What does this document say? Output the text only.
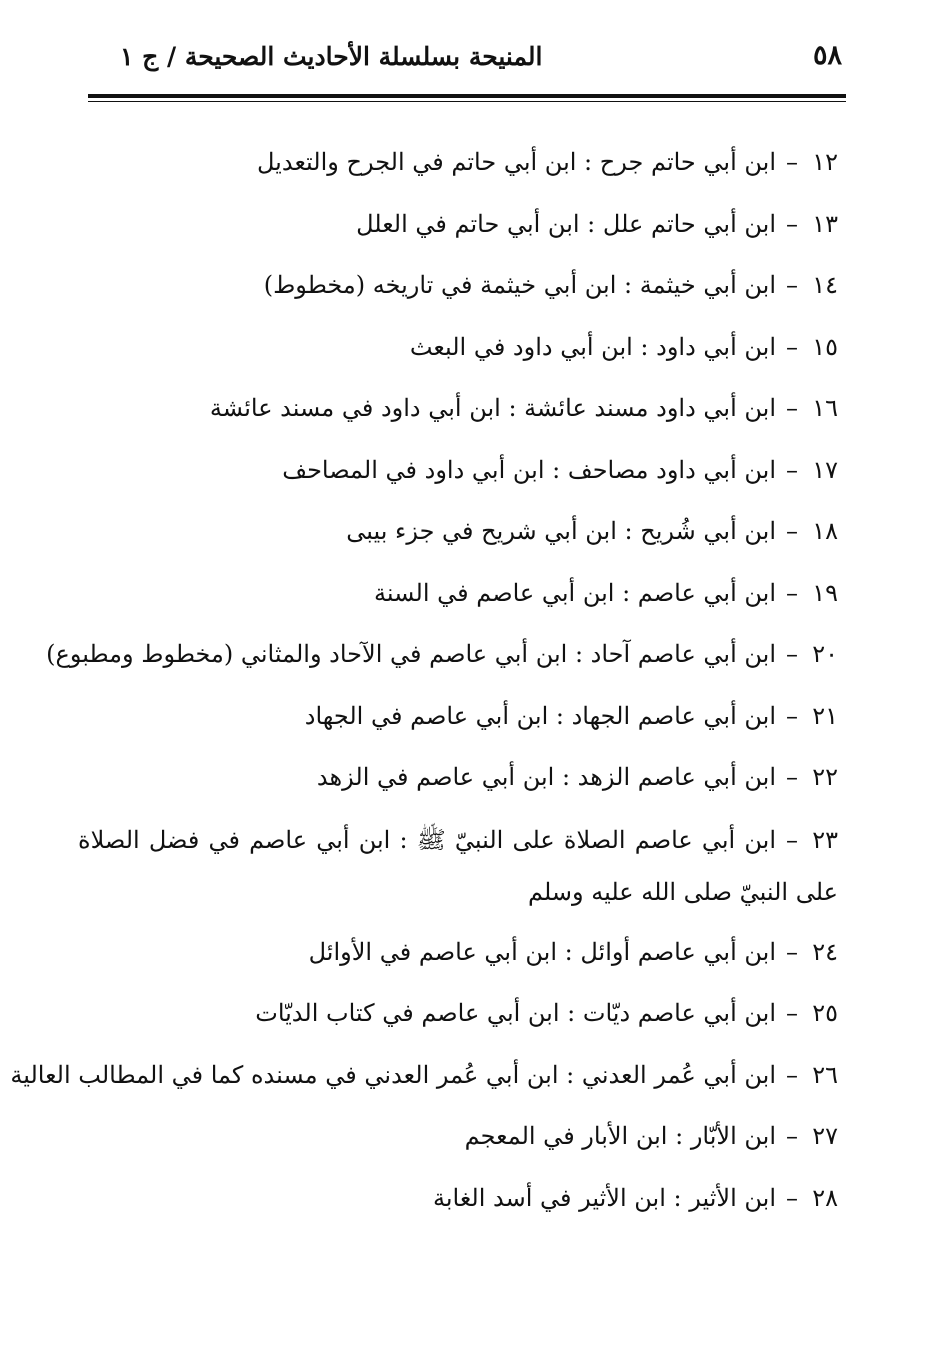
٥٨
المنيحة بسلسلة الأحاديث الصحيحة / ج ١
١٢–ابن أبي حاتم جرح : ابن أبي حاتم في الجرح والتعديل
١٣–ابن أبي حاتم علل : ابن أبي حاتم في العلل
١٤–ابن أبي خيثمة : ابن أبي خيثمة في تاريخه (مخطوط)
١٥–ابن أبي داود : ابن أبي داود في البعث
١٦–ابن أبي داود مسند عائشة : ابن أبي داود في مسند عائشة
١٧–ابن أبي داود مصاحف : ابن أبي داود في المصاحف
١٨–ابن أبي شُريح : ابن أبي شريح في جزء بيبى
١٩–ابن أبي عاصم : ابن أبي عاصم في السنة
٢٠–ابن أبي عاصم آحاد : ابن أبي عاصم في الآحاد والمثاني (مخطوط ومطبوع)
٢١–ابن أبي عاصم الجهاد : ابن أبي عاصم في الجهاد
٢٢–ابن أبي عاصم الزهد : ابن أبي عاصم في الزهد
٢٣–ابن أبي عاصم الصلاة على النبيّ ﷺ : ابن أبي عاصم في فضل الصلاة على النبيّ صلى الله عليه وسلم
٢٤–ابن أبي عاصم أوائل : ابن أبي عاصم في الأوائل
٢٥–ابن أبي عاصم ديّات : ابن أبي عاصم في كتاب الديّات
٢٦–ابن أبي عُمر العدني : ابن أبي عُمر العدني في مسنده كما في المطالب العالية
٢٧–ابن الأبّار : ابن الأبار في المعجم
٢٨–ابن الأثير : ابن الأثير في أسد الغابة
